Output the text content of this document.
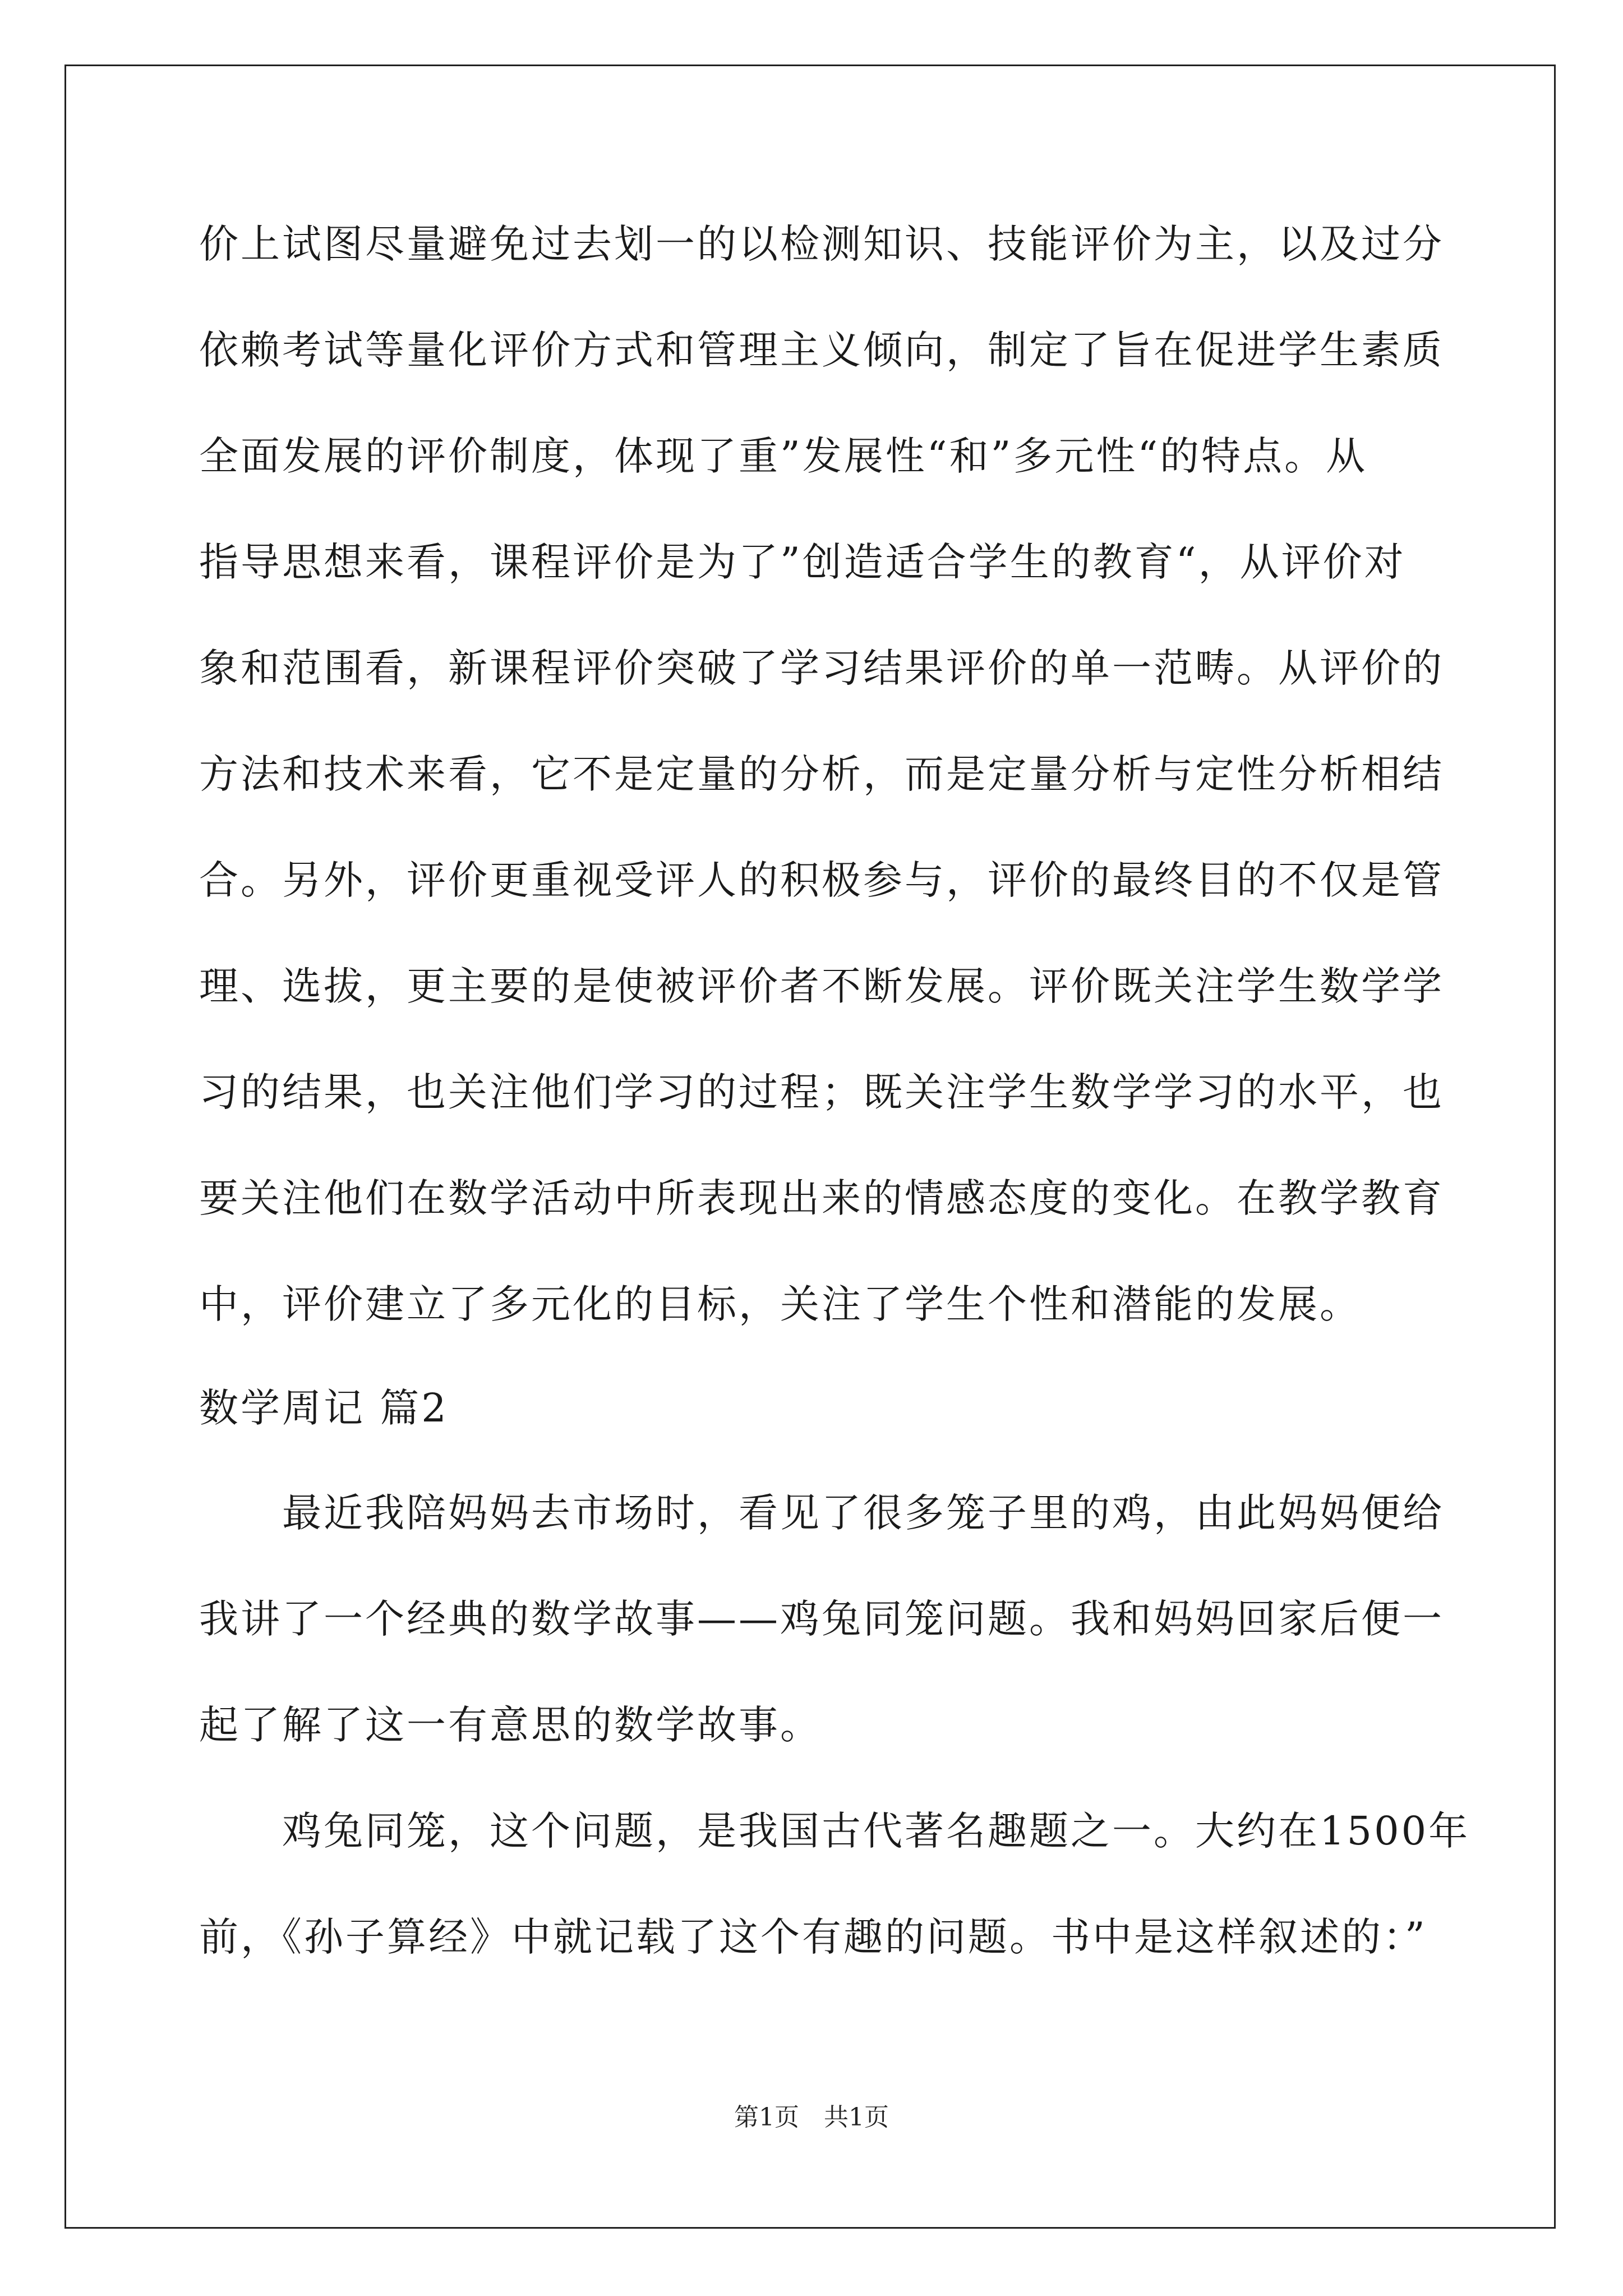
价上试图尽量避免过去划一的以检测知识、技能评价为主，以及过分
依赖考试等量化评价方式和管理主义倾向，制定了旨在促进学生素质
全面发展的评价制度，体现了重”发展性“和”多元性“的特点。从
指导思想来看，课程评价是为了”创造适合学生的教育“，从评价对
象和范围看，新课程评价突破了学习结果评价的单一范畴。从评价的
方法和技术来看，它不是定量的分析，而是定量分析与定性分析相结
合。另外，评价更重视受评人的积极参与，评价的最终目的不仅是管
理、选拔，更主要的是使被评价者不断发展。评价既关注学生数学学
习的结果，也关注他们学习的过程；既关注学生数学学习的水平，也
要关注他们在数学活动中所表现出来的情感态度的变化。在教学教育
中，评价建立了多元化的目标，关注了学生个性和潜能的发展。
数学周记 篇2
　　最近我陪妈妈去市场时，看见了很多笼子里的鸡，由此妈妈便给
我讲了一个经典的数学故事——鸡兔同笼问题。我和妈妈回家后便一
起了解了这一有意思的数学故事。
　　鸡兔同笼，这个问题，是我国古代著名趣题之一。大约在1500年
前，《孙子算经》中就记载了这个有趣的问题。书中是这样叙述的：”
第1页　共1页
